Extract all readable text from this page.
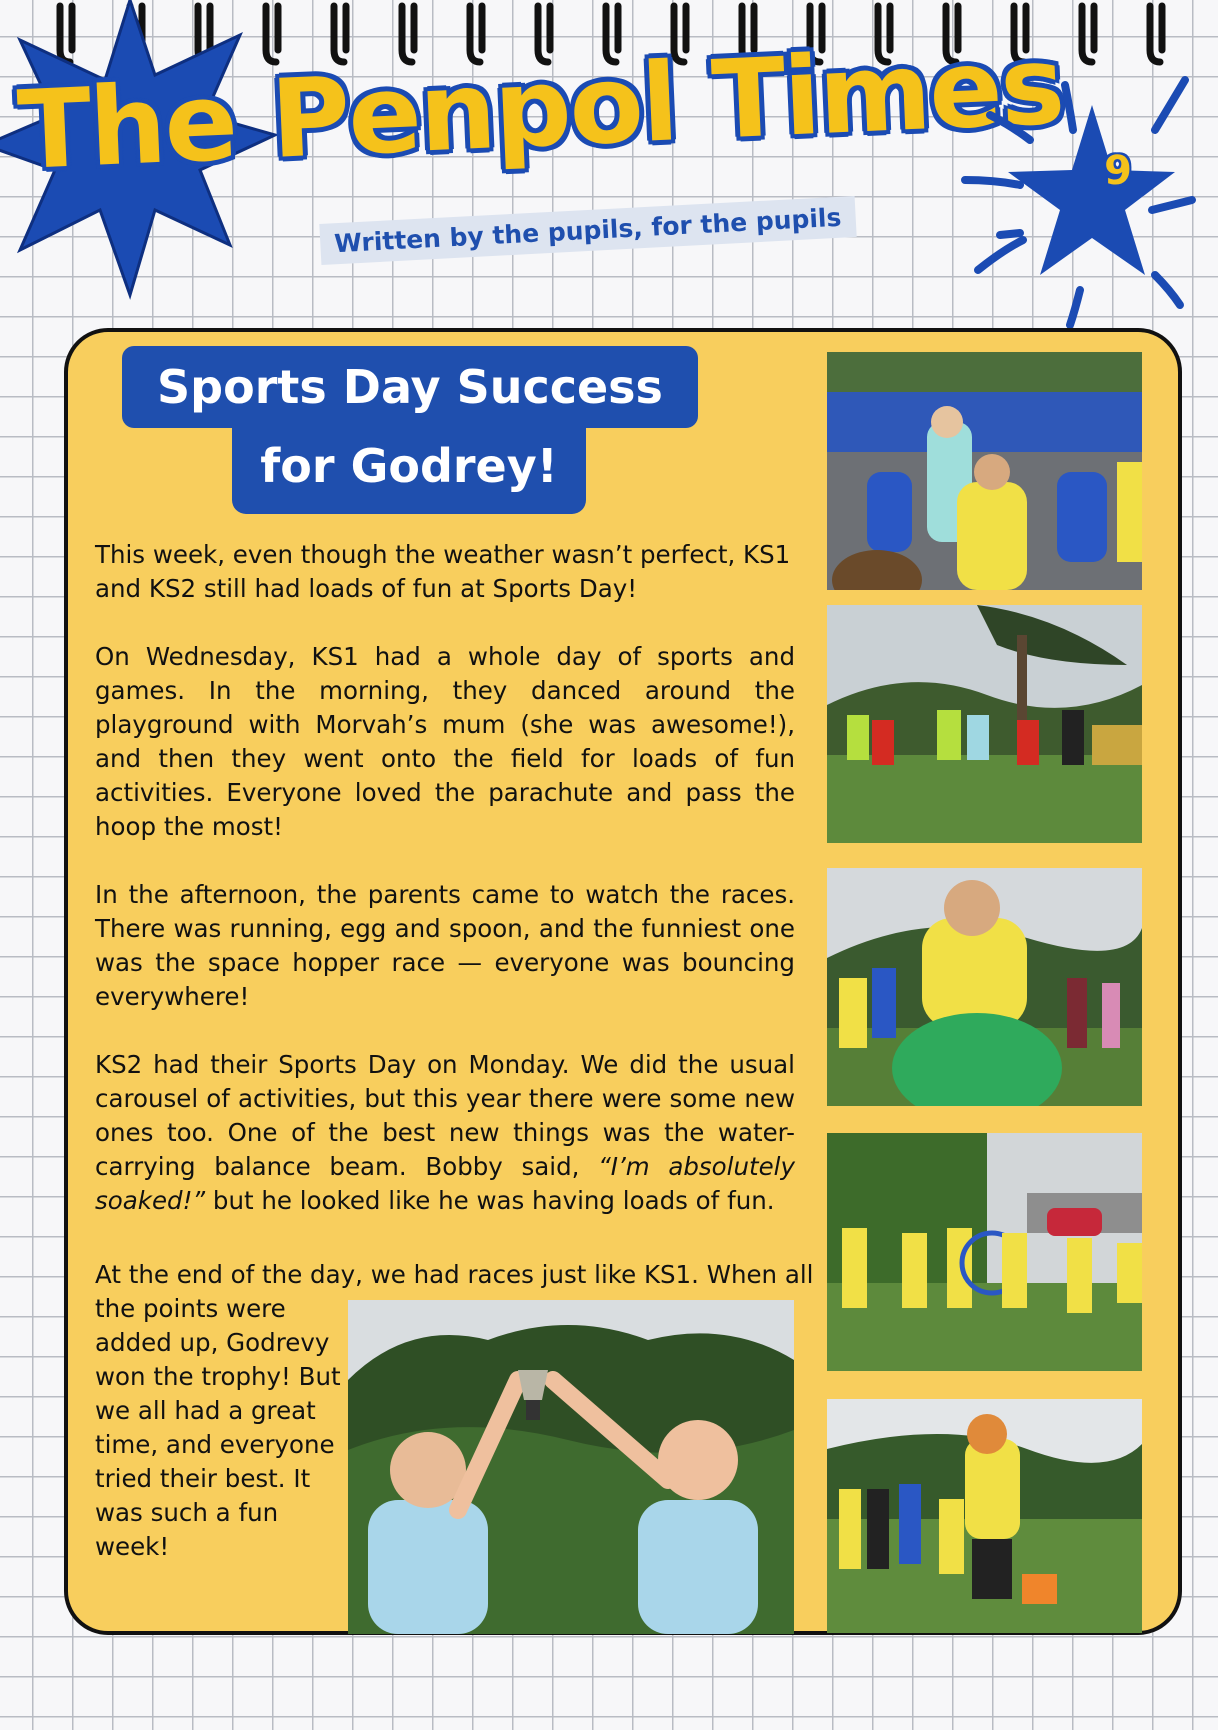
The Penpol Times
Written by the pupils, for the pupils
9
Sports Day Success
for Godrey!

This week, even though the weather wasn’t perfect, KS1 and KS2 still had loads of fun at Sports Day!

On Wednesday, KS1 had a whole day of sports and games. In the morning, they danced around the playground with Morvah’s mum (she was awesome!), and then they went onto the field for loads of fun activities. Everyone loved the parachute and pass the hoop the most!

In the afternoon, the parents came to watch the races. There was running, egg and spoon, and the funniest one was the space hopper race — everyone was bouncing everywhere!

KS2 had their Sports Day on Monday. We did the usual carousel of activities, but this year there were some new ones too. One of the best new things was the water-carrying balance beam. Bobby said, “I’m absolutely soaked!” but he looked like he was having loads of fun.

At the end of the day, we had races just like KS1. When all
the points were added up, Godrevy won the trophy! But we all had a great time, and everyone tried their best. It was such a fun week!
